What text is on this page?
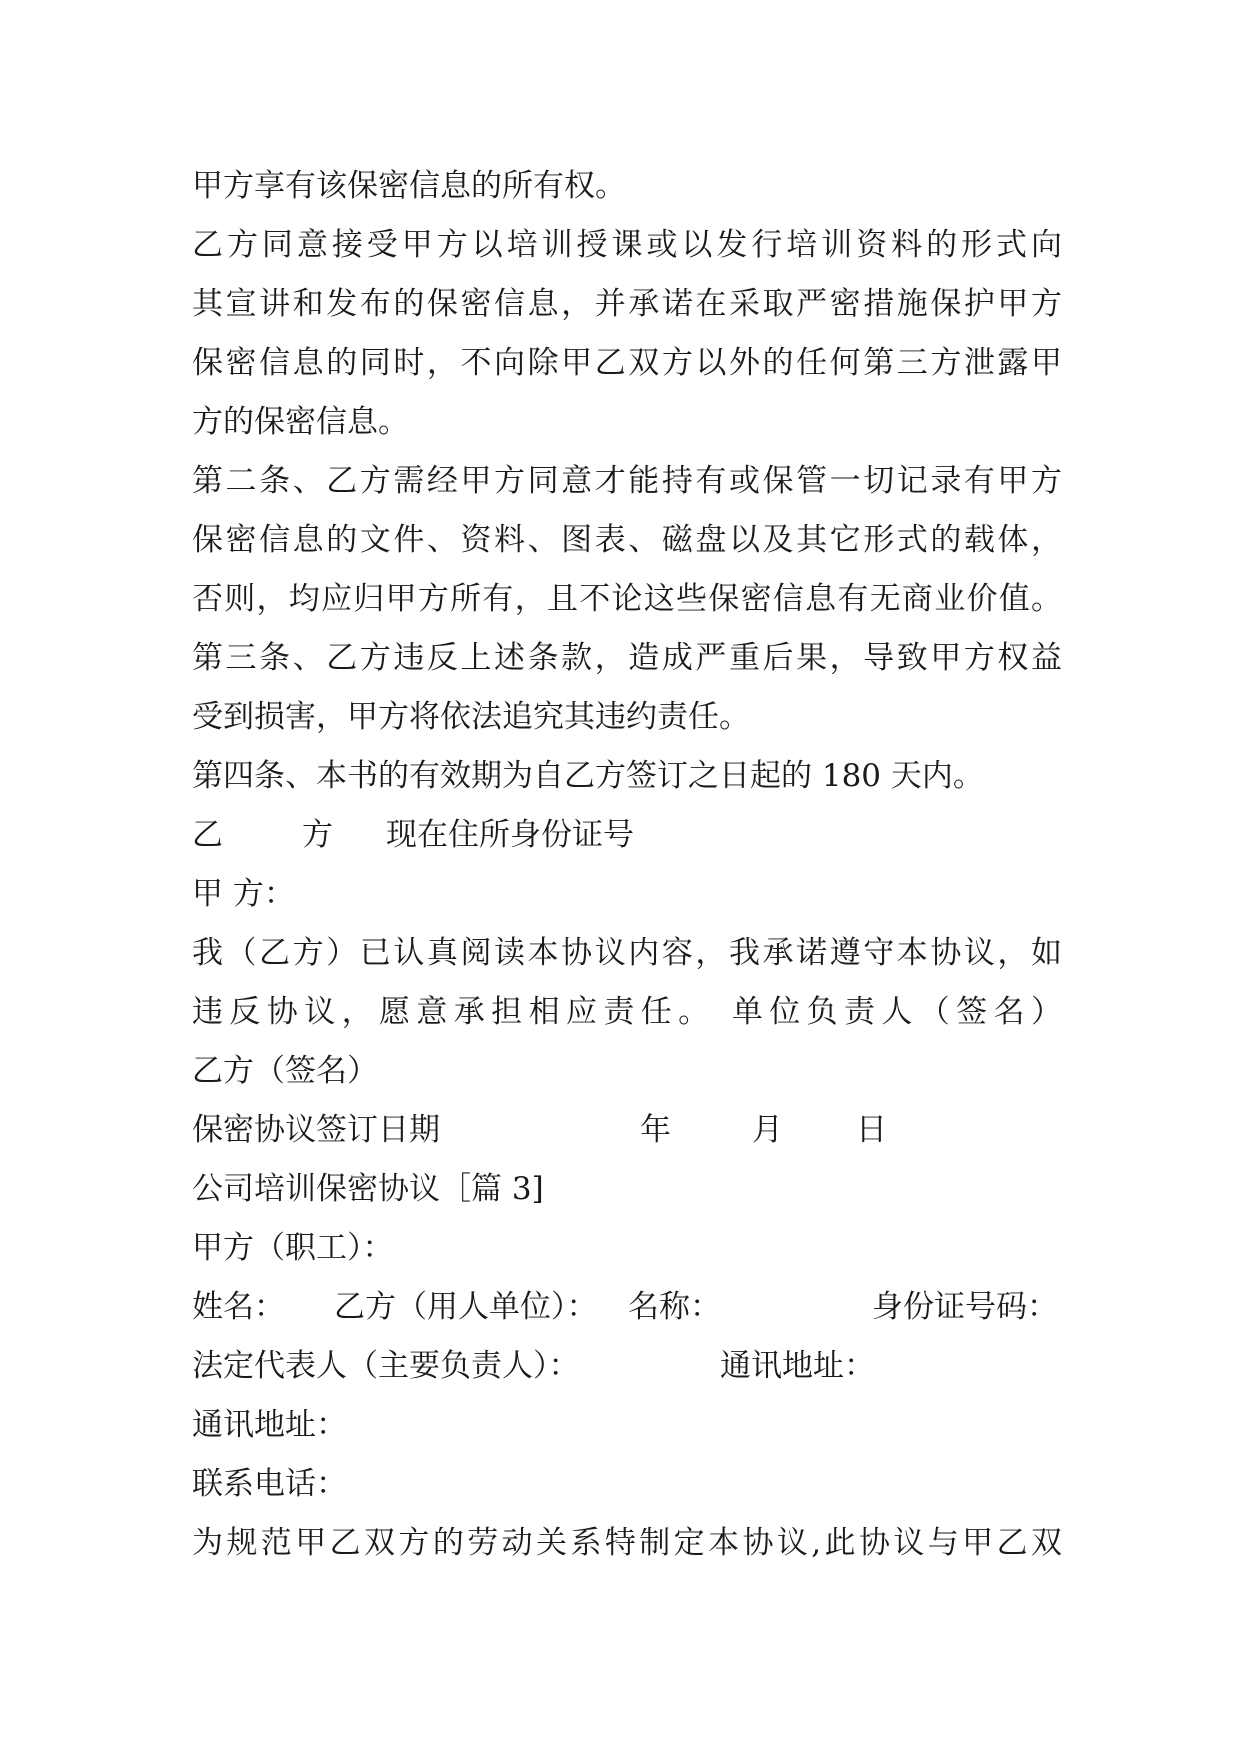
甲方享有该保密信息的所有权。
乙方同意接受甲方以培训授课或以发行培训资料的形式向
其宣讲和发布的保密信息，并承诺在采取严密措施保护甲方
保密信息的同时，不向除甲乙双方以外的任何第三方泄露甲
方的保密信息。
第二条、乙方需经甲方同意才能持有或保管一切记录有甲方
保密信息的文件、资料、图表、磁盘以及其它形式的载体，
否则，均应归甲方所有，且不论这些保密信息有无商业价值。
第三条、乙方违反上述条款，造成严重后果，导致甲方权益
受到损害，甲方将依法追究其违约责任。
第四条、本书的有效期为自乙方签订之日起的 180 天内。
乙	方 现在住所身份证号
甲 方：
我（乙方）已认真阅读本协议内容，我承诺遵守本协议，如
违反协议，愿意承担相应责任。 单位负责人（签名）
乙方（签名）
保密协议签订日期	年	月 日
公司培训保密协议［篇 3]
甲方（职工）：
姓名： 乙方（用人单位）： 名称：	身份证号码：
法定代表人（主要负责人）：	通讯地址：
通讯地址：
联系电话：
为规范甲乙双方的劳动关系特制定本协议,此协议与甲乙双
